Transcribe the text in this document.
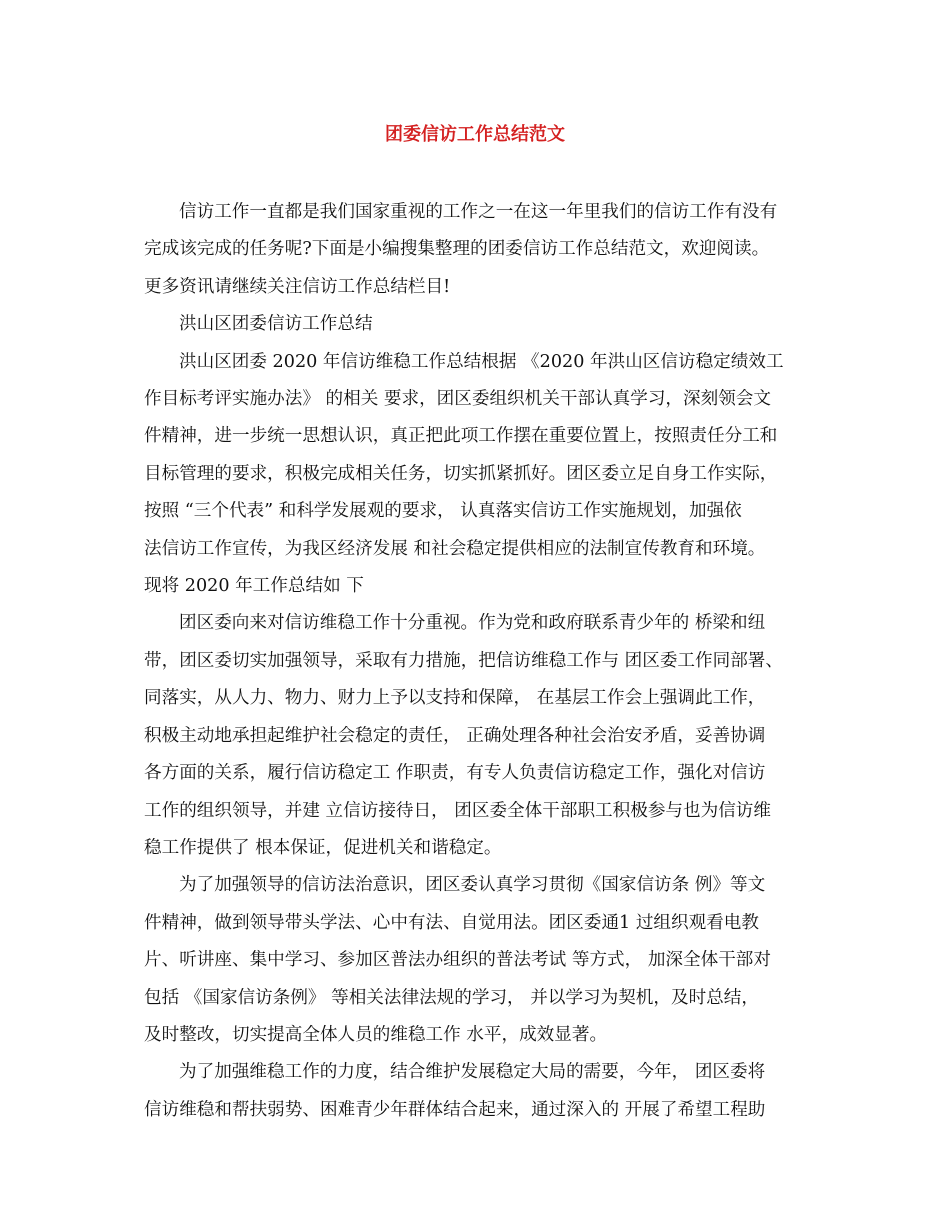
团委信访工作总结范文
信访工作一直都是我们国家重视的工作之一在这一年里我们的信访工作有没有
完成该完成的任务呢?下面是小编搜集整理的团委信访工作总结范文，欢迎阅读。
更多资讯请继续关注信访工作总结栏目!
洪山区团委信访工作总结
洪山区团委 2020 年信访维稳工作总结根据 《2020 年洪山区信访稳定绩效工
作目标考评实施办法》 的相关 要求，团区委组织机关干部认真学习，深刻领会文
件精神，进一步统一思想认识，真正把此项工作摆在重要位置上，按照责任分工和
目标管理的要求，积极完成相关任务，切实抓紧抓好。团区委立足自身工作实际，
按照 “三个代表” 和科学发展观的要求， 认真落实信访工作实施规划，加强依
法信访工作宣传，为我区经济发展 和社会稳定提供相应的法制宣传教育和环境。
现将 2020 年工作总结如 下
团区委向来对信访维稳工作十分重视。作为党和政府联系青少年的 桥梁和纽
带，团区委切实加强领导，采取有力措施，把信访维稳工作与 团区委工作同部署、
同落实，从人力、物力、财力上予以支持和保障， 在基层工作会上强调此工作，
积极主动地承担起维护社会稳定的责任， 正确处理各种社会治安矛盾，妥善协调
各方面的关系，履行信访稳定工 作职责，有专人负责信访稳定工作，强化对信访
工作的组织领导，并建 立信访接待日， 团区委全体干部职工积极参与也为信访维
稳工作提供了 根本保证，促进机关和谐稳定。
为了加强领导的信访法治意识，团区委认真学习贯彻《国家信访条 例》等文
件精神，做到领导带头学法、心中有法、自觉用法。团区委通1 过组织观看电教
片、听讲座、集中学习、参加区普法办组织的普法考试 等方式， 加深全体干部对
包括 《国家信访条例》 等相关法律法规的学习， 并以学习为契机，及时总结，
及时整改，切实提高全体人员的维稳工作 水平，成效显著。
为了加强维稳工作的力度，结合维护发展稳定大局的需要，今年， 团区委将
信访维稳和帮扶弱势、困难青少年群体结合起来，通过深入的 开展了希望工程助
